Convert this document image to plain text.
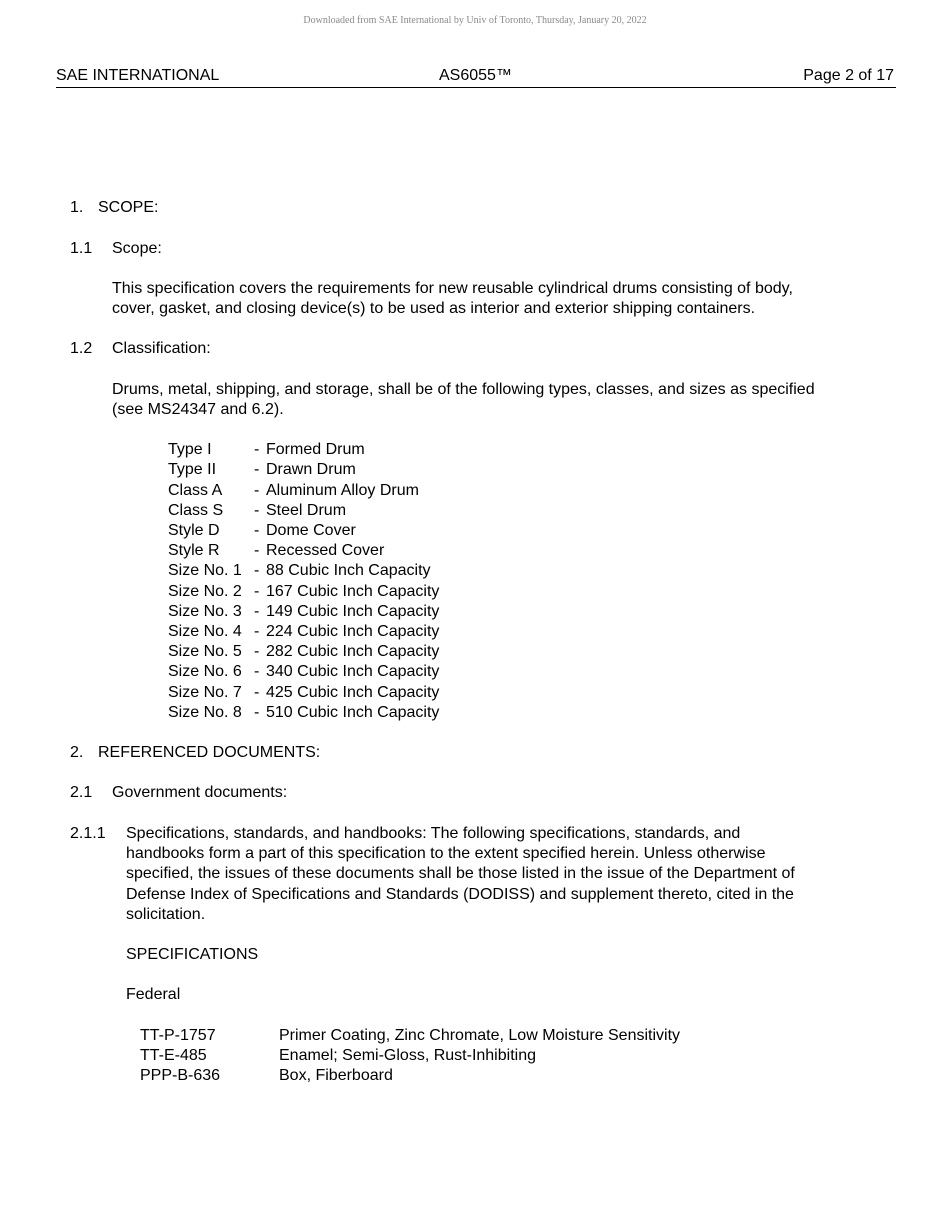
Downloaded from SAE International by Univ of Toronto, Thursday, January 20, 2022
SAE INTERNATIONAL	AS6055™	Page 2 of 17
1. SCOPE:
1.1 Scope:
This specification covers the requirements for new reusable cylindrical drums consisting of body,
cover, gasket, and closing device(s) to be used as interior and exterior shipping containers.
1.2 Classification:
Drums, metal, shipping, and storage, shall be of the following types, classes, and sizes as specified
(see MS24347 and 6.2).
Type I	- Formed Drum
Type II - Drawn Drum
Class A - Aluminum Alloy Drum
Class S - Steel Drum
Style D - Dome Cover
Style R - Recessed Cover
Size No. 1 - 88 Cubic Inch Capacity
Size No. 2 - 167 Cubic Inch Capacity
Size No. 3 - 149 Cubic Inch Capacity
Size No. 4 - 224 Cubic Inch Capacity
Size No. 5 - 282 Cubic Inch Capacity
Size No. 6 - 340 Cubic Inch Capacity
Size No. 7 - 425 Cubic Inch Capacity
Size No. 8 - 510 Cubic Inch Capacity
2. REFERENCED DOCUMENTS:
2.1 Government documents:
2.1.1 Specifications, standards, and handbooks: The following specifications, standards, and
handbooks form a part of this specification to the extent specified herein. Unless otherwise
specified, the issues of these documents shall be those listed in the issue of the Department of
Defense Index of Specifications and Standards (DODISS) and supplement thereto, cited in the
solicitation.
SPECIFICATIONS
Federal
TT-P-1757	Primer Coating, Zinc Chromate, Low Moisture Sensitivity
TT-E-485	Enamel; Semi-Gloss, Rust-Inhibiting
PPP-B-636	Box, Fiberboard
